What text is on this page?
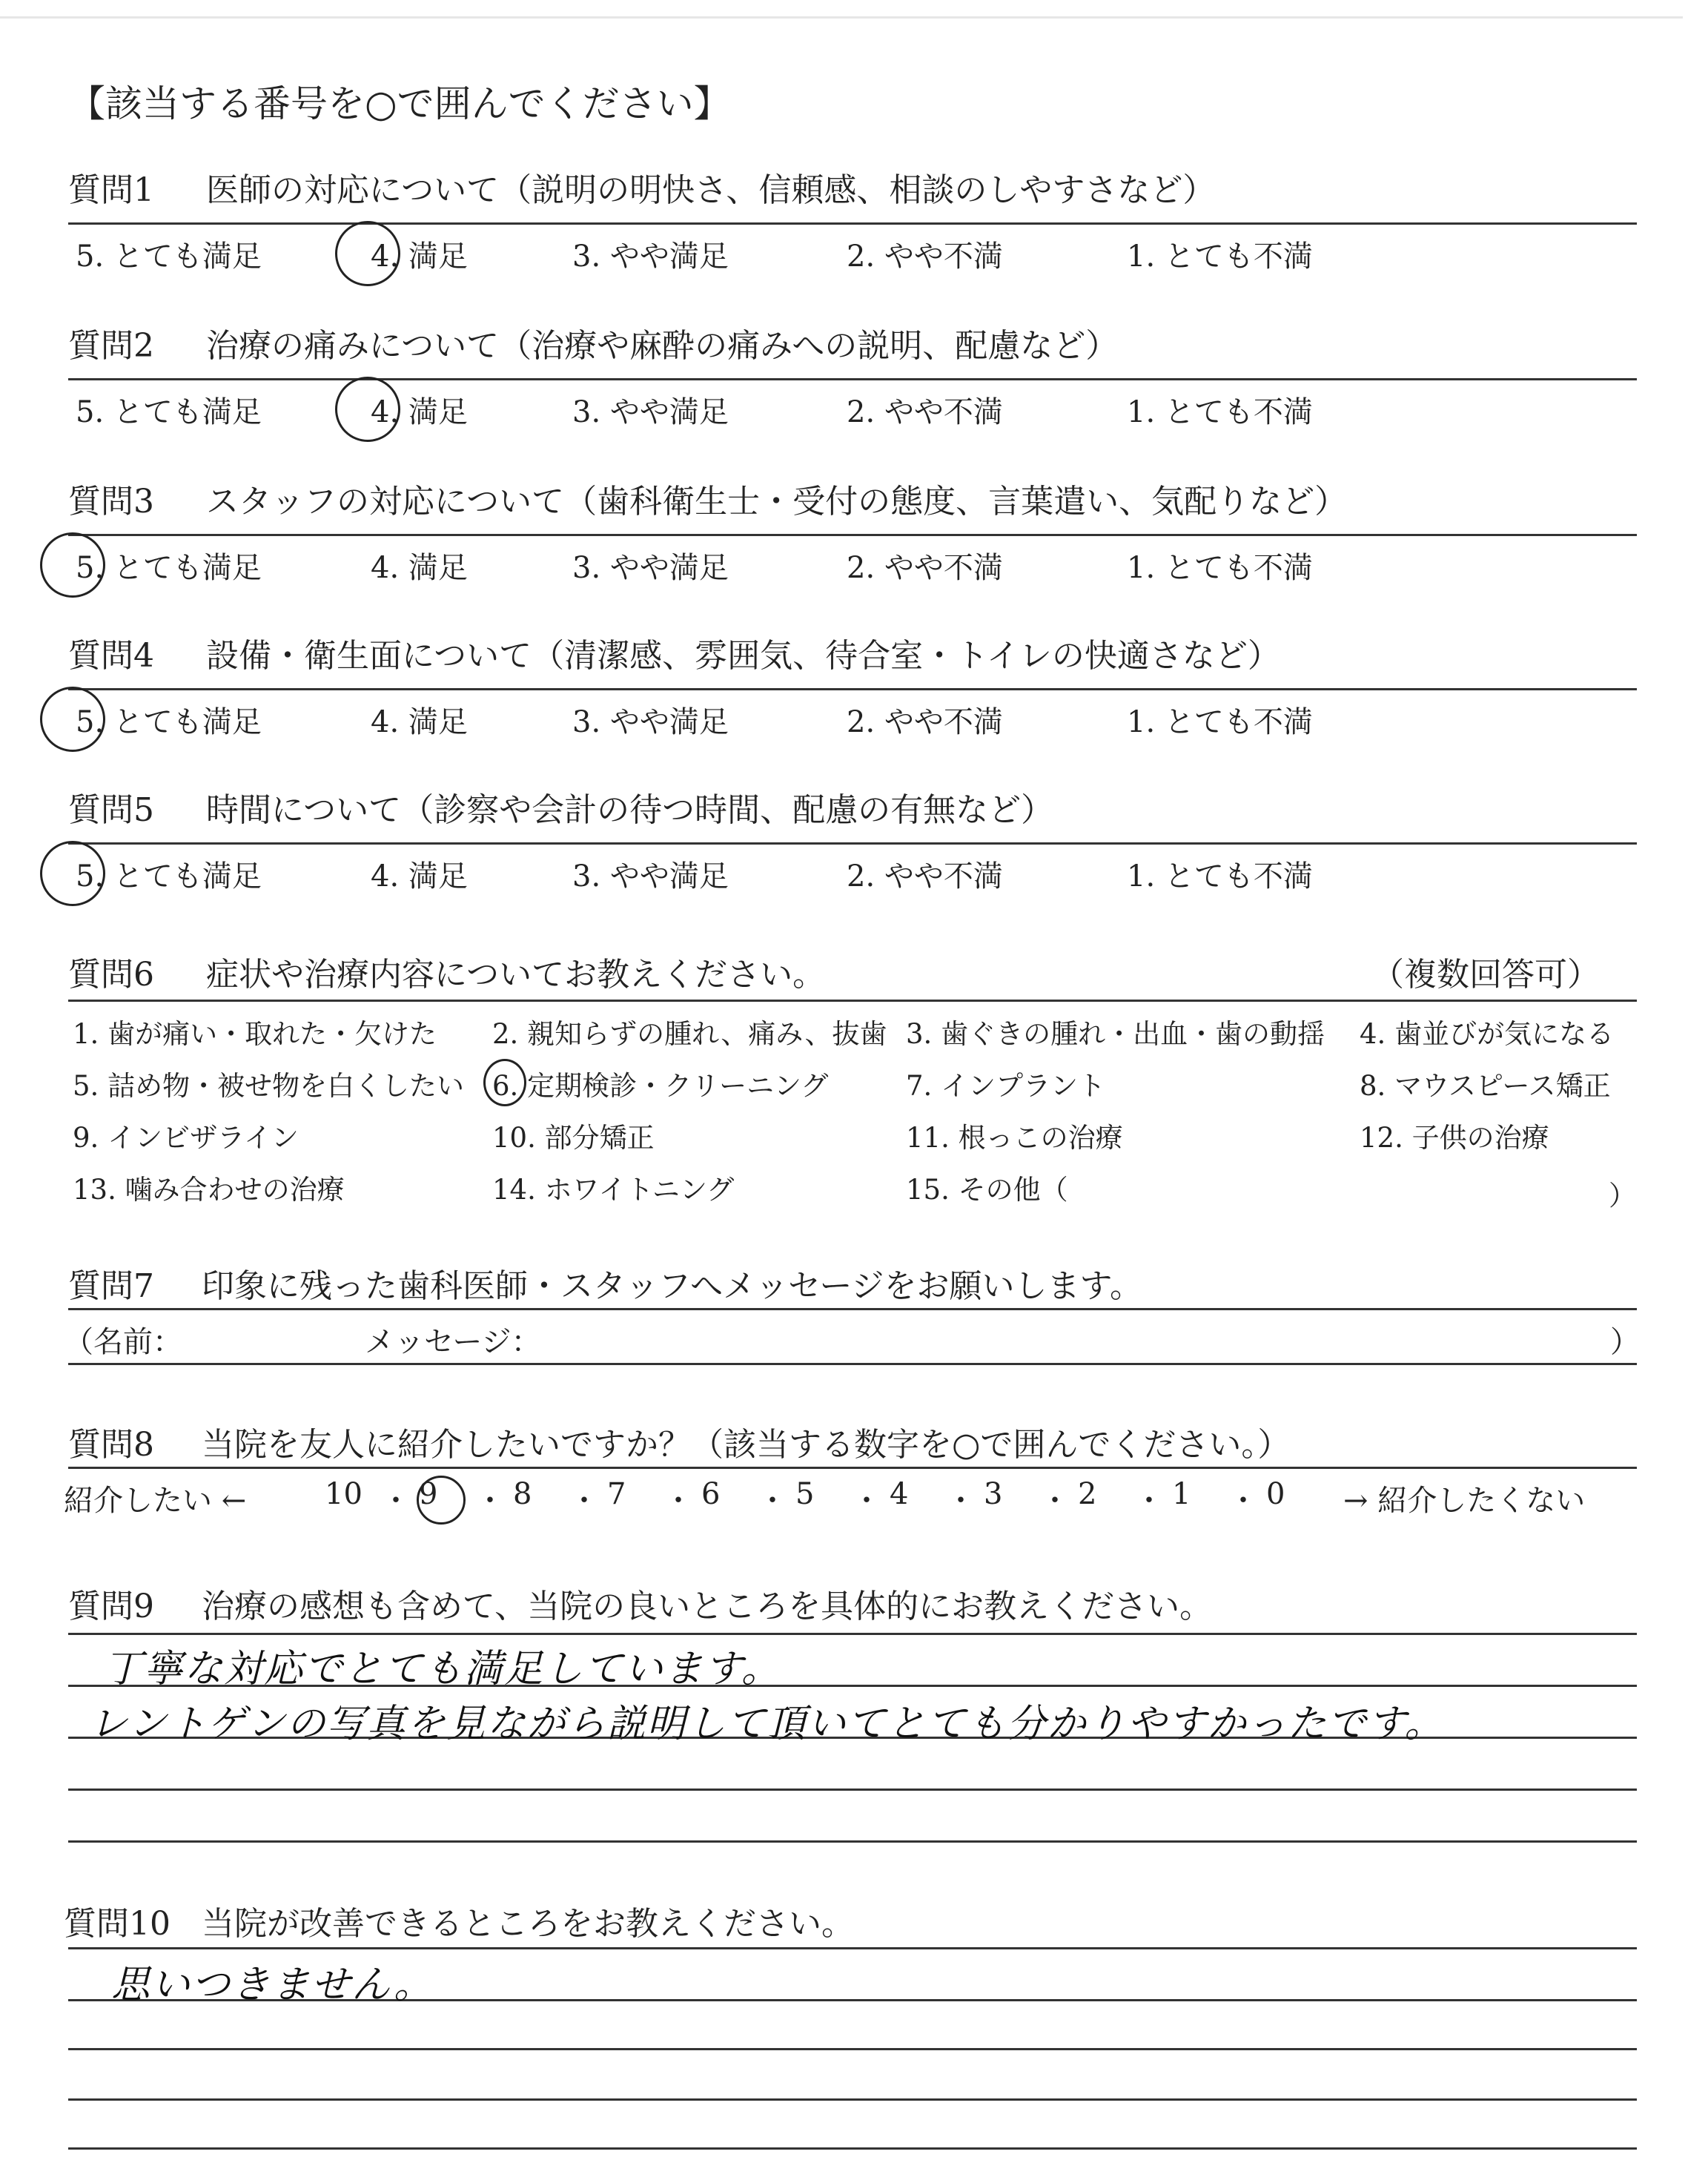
【該当する番号を○で囲んでください】
質問1 医師の対応について（説明の明快さ、信頼感、相談のしやすさなど）
5. とても満足	4. 満足	3. やや満足	2. やや不満	1. とても不満
質問2 治療の痛みについて（治療や麻酔の痛みへの説明、配慮など）
5. とても満足	4. 満足	3. やや満足	2. やや不満	1. とても不満
質問3 スタッフの対応について（歯科衛生士・受付の態度、言葉遣い、気配りなど）
5. とても満足	4. 満足	3. やや満足	2. やや不満	1. とても不満
質問4 設備・衛生面について（清潔感、雰囲気、待合室・トイレの快適さなど）
5. とても満足	4. 満足	3. やや満足	2. やや不満	1. とても不満
質問5 時間について（診察や会計の待つ時間、配慮の有無など）
5. とても満足	4. 満足	3. やや満足	2. やや不満	1. とても不満
質問6 症状や治療内容についてお教えください。	（複数回答可）
1. 歯が痛い・取れた・欠けた 2. 親知らずの腫れ、痛み、抜歯 3. 歯ぐきの腫れ・出血・歯の動揺 4. 歯並びが気になる
5. 詰め物・被せ物を白くしたい 6. 定期検診・クリーニング	7. インプラント	8. マウスピース矯正
9. インビザライン	10. 部分矯正	11. 根っこの治療	12. 子供の治療
13. 噛み合わせの治療	14. ホワイトニング	15. その他（	）
質問7 印象に残った歯科医師・スタッフへメッセージをお願いします。
（名前：	メッセージ：	）
質問8 当院を友人に紹介したいですか？（該当する数字を○で囲んでください。）
紹介したい ←	→ 紹介したくない
10 ・ 9 ・ 8 ・ 7 ・ 6 ・ 5 ・ 4 ・ 3 ・ 2 ・ 1 ・ 0
質問9 治療の感想も含めて、当院の良いところを具体的にお教えください。
丁寧な対応でとても満足しています。
レントゲンの写真を見ながら説明して頂いてとても分かりやすかったです。
質問10 当院が改善できるところをお教えください。
思いつきません。
